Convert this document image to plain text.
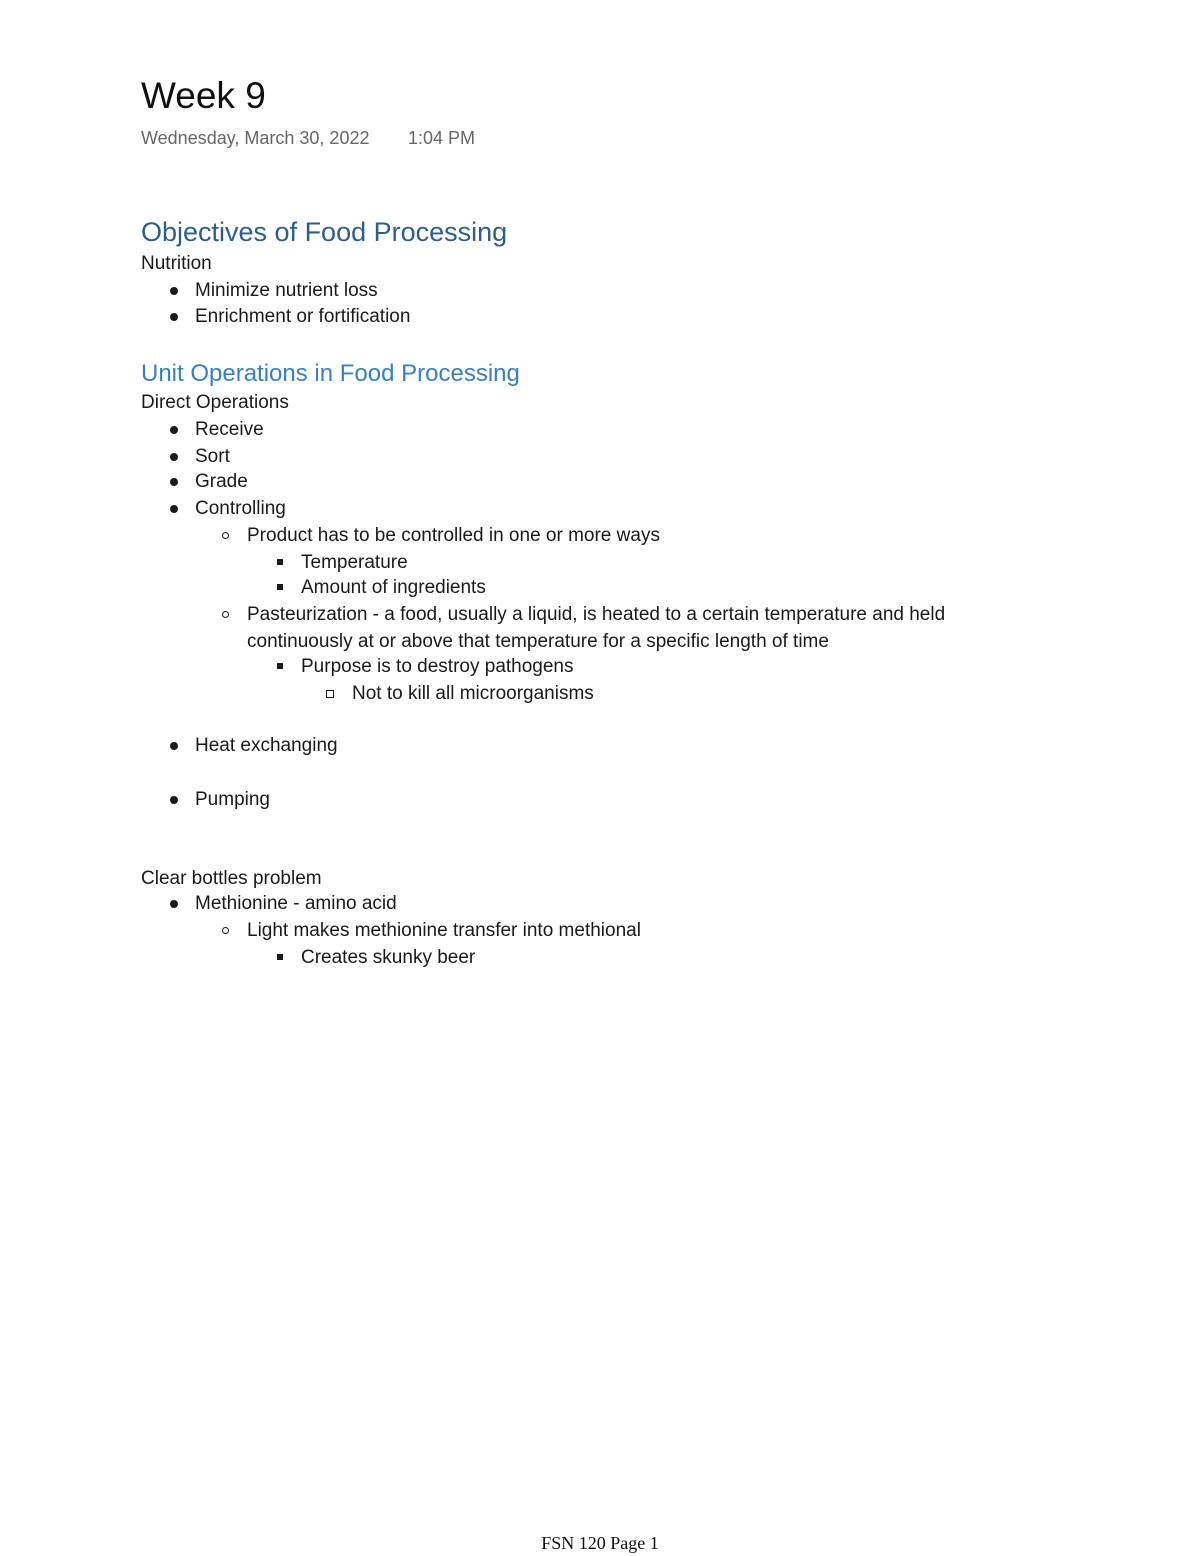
Week 9
Wednesday, March 30, 2022 1:04 PM
Objectives of Food Processing
Nutrition
Minimize nutrient loss
Enrichment or fortification
Unit Operations in Food Processing
Direct Operations
Receive
Sort
Grade
Controlling
Product has to be controlled in one or more ways
Temperature
Amount of ingredients
Pasteurization - a food, usually a liquid, is heated to a certain temperature and held
continuously at or above that temperature for a specific length of time
Purpose is to destroy pathogens
Not to kill all microorganisms
Heat exchanging
Pumping
Clear bottles problem
Methionine - amino acid
Light makes methionine transfer into methional
Creates skunky beer
FSN 120 Page 1
